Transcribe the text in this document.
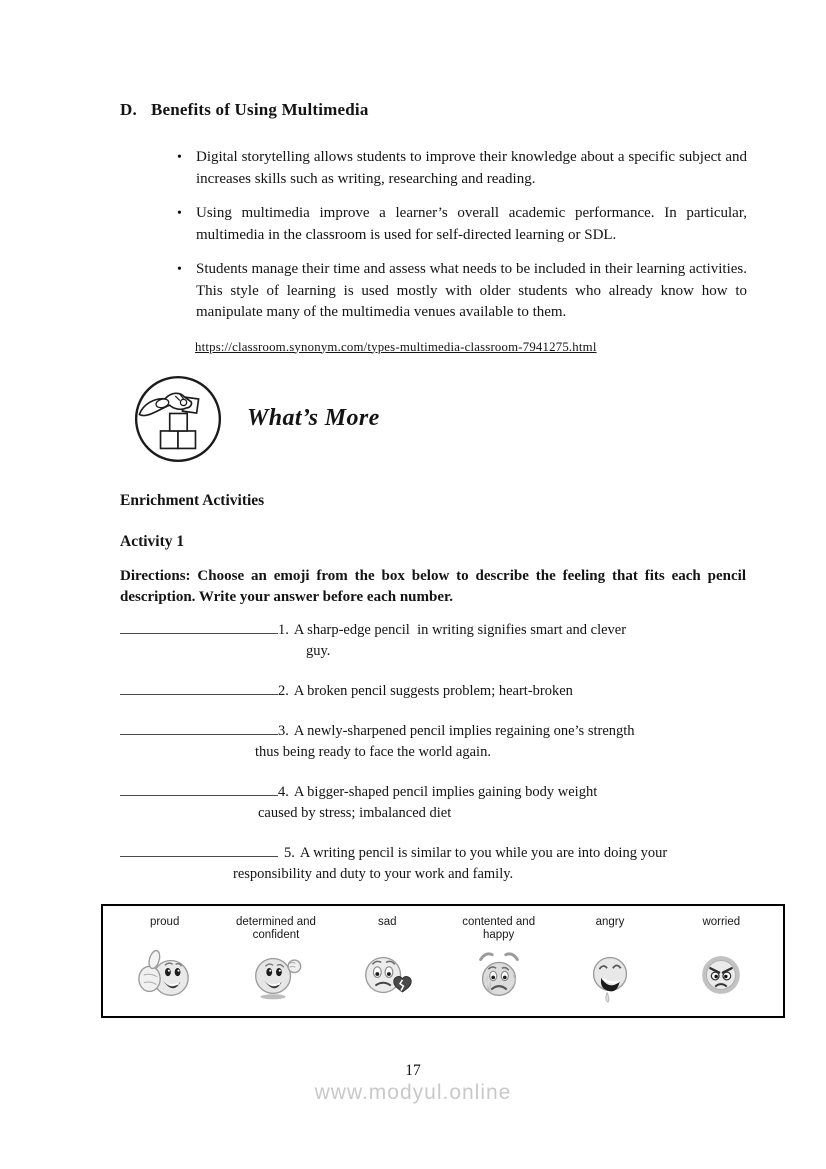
D. Benefits of Using Multimedia
• Digital storytelling allows students to improve their knowledge about a specific subject and increases skills such as writing, researching and reading.
• Using multimedia improve a learner’s overall academic performance. In particular, multimedia in the classroom is used for self-directed learning or SDL.
• Students manage their time and assess what needs to be included in their learning activities. This style of learning is used mostly with older students who already know how to manipulate many of the multimedia venues available to them.
https://classroom.synonym.com/types-multimedia-classroom-7941275.html
What’s More
Enrichment Activities
Activity 1
Directions: Choose an emoji from the box below to describe the feeling that fits each pencil description. Write your answer before each number.
1. A sharp-edge pencil  in writing signifies smart and clever
guy.
2. A broken pencil suggests problem; heart-broken
3. A newly-sharpened pencil implies regaining one’s strength
thus being ready to face the world again.
4. A bigger-shaped pencil implies gaining body weight
caused by stress; imbalanced diet
5. A writing pencil is similar to you while you are into doing your
responsibility and duty to your work and family.
proud	determined and confident
sad	contented and happy
angry	worried
17
www.modyul.online
